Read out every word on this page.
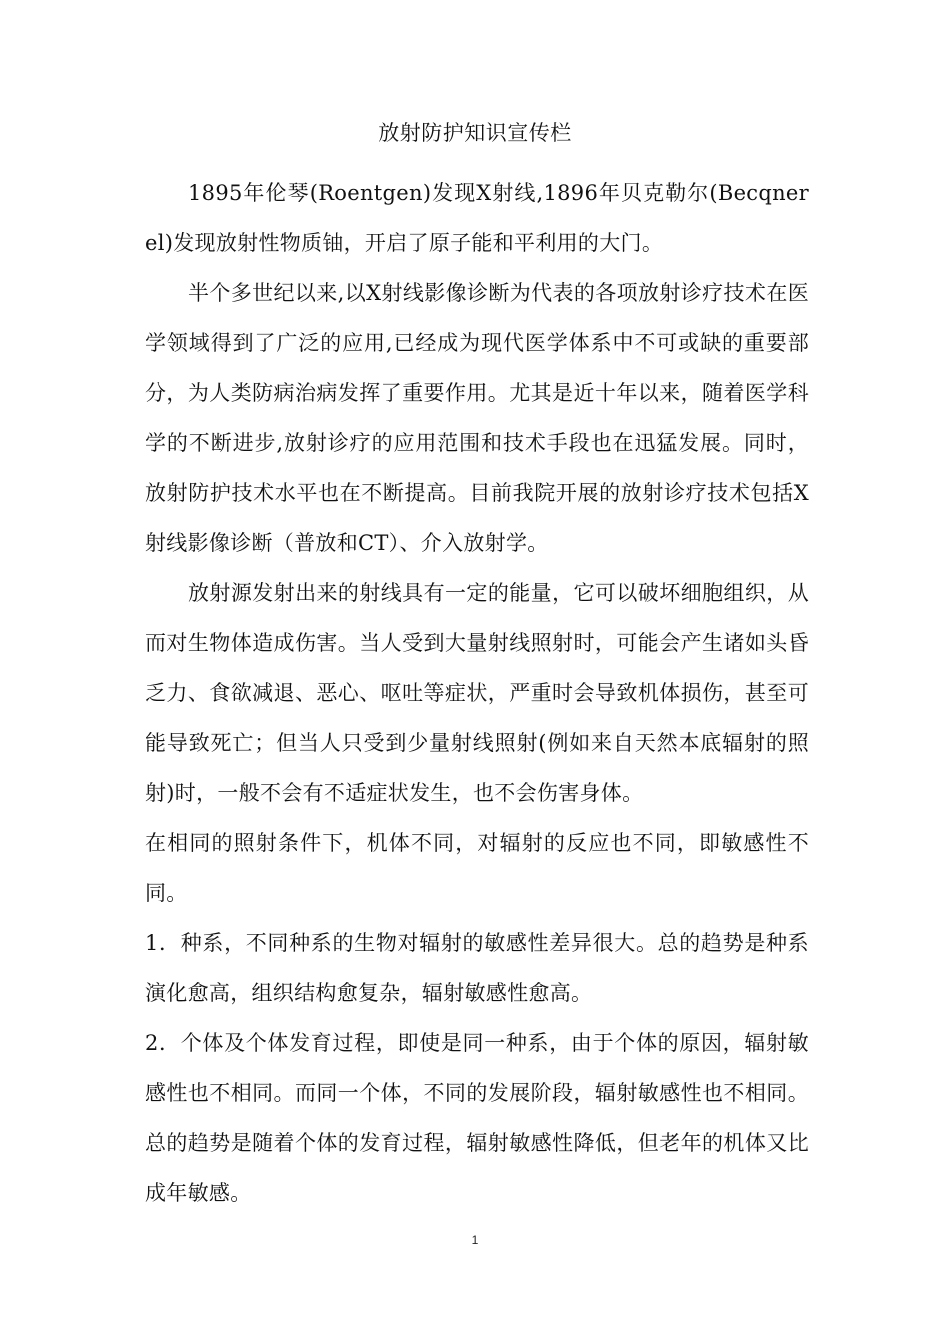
放射防护知识宣传栏

1895年伦琴(Roentgen)发现X射线,1896年贝克勒尔(Becqnerel)发现放射性物质铀，开启了原子能和平利用的大门。

半个多世纪以来,以X射线影像诊断为代表的各项放射诊疗技术在医学领域得到了广泛的应用,已经成为现代医学体系中不可或缺的重要部分，为人类防病治病发挥了重要作用。尤其是近十年以来，随着医学科学的不断进步,放射诊疗的应用范围和技术手段也在迅猛发展。同时，放射防护技术水平也在不断提高。目前我院开展的放射诊疗技术包括X射线影像诊断（普放和CT）、介入放射学。

放射源发射出来的射线具有一定的能量，它可以破坏细胞组织，从而对生物体造成伤害。当人受到大量射线照射时，可能会产生诸如头昏乏力、食欲减退、恶心、呕吐等症状，严重时会导致机体损伤，甚至可能导致死亡；但当人只受到少量射线照射(例如来自天然本底辐射的照射)时，一般不会有不适症状发生，也不会伤害身体。

在相同的照射条件下，机体不同，对辐射的反应也不同，即敏感性不同。

1．种系，不同种系的生物对辐射的敏感性差异很大。总的趋势是种系演化愈高，组织结构愈复杂，辐射敏感性愈高。

2．个体及个体发育过程，即使是同一种系，由于个体的原因，辐射敏感性也不相同。而同一个体，不同的发展阶段，辐射敏感性也不相同。总的趋势是随着个体的发育过程，辐射敏感性降低，但老年的机体又比成年敏感。

1
